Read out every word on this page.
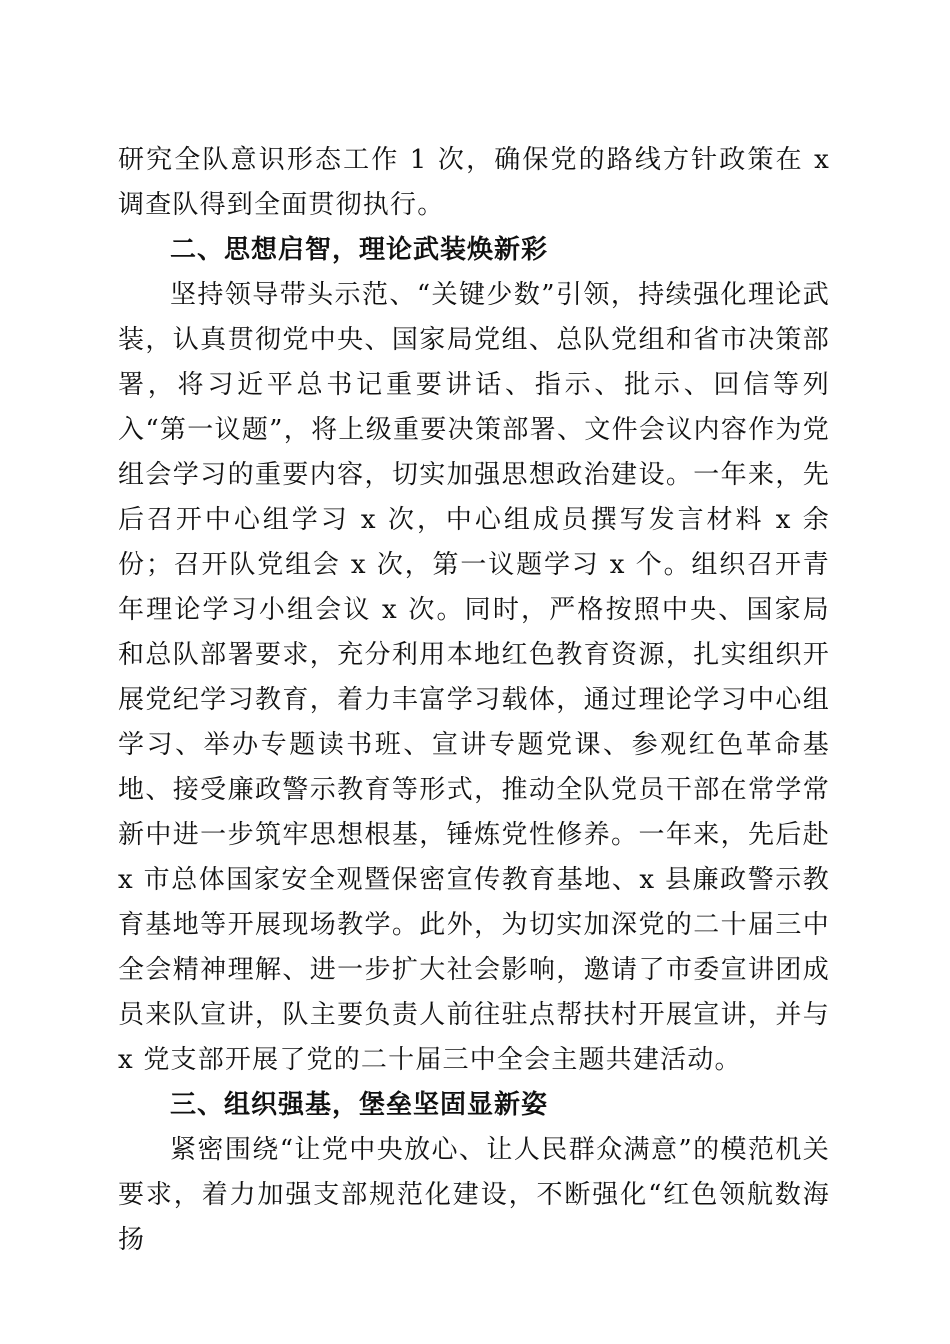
研究全队意识形态工作 1 次，确保党的路线方针政策在 x 调查队得到全面贯彻执行。

二、思想启智，理论武装焕新彩

坚持领导带头示范、“关键少数”引领，持续强化理论武装，认真贯彻党中央、国家局党组、总队党组和省市决策部署，将习近平总书记重要讲话、指示、批示、回信等列入“第一议题”，将上级重要决策部署、文件会议内容作为党组会学习的重要内容，切实加强思想政治建设。一年来，先后召开中心组学习 x 次，中心组成员撰写发言材料 x 余份；召开队党组会 x 次，第一议题学习 x 个。组织召开青年理论学习小组会议 x 次。同时，严格按照中央、国家局和总队部署要求，充分利用本地红色教育资源，扎实组织开展党纪学习教育，着力丰富学习载体，通过理论学习中心组学习、举办专题读书班、宣讲专题党课、参观红色革命基地、接受廉政警示教育等形式，推动全队党员干部在常学常新中进一步筑牢思想根基，锤炼党性修养。一年来，先后赴 x 市总体国家安全观暨保密宣传教育基地、x 县廉政警示教育基地等开展现场教学。此外，为切实加深党的二十届三中全会精神理解、进一步扩大社会影响，邀请了市委宣讲团成员来队宣讲，队主要负责人前往驻点帮扶村开展宣讲，并与 x 党支部开展了党的二十届三中全会主题共建活动。

三、组织强基，堡垒坚固显新姿

紧密围绕“让党中央放心、让人民群众满意”的模范机关要求，着力加强支部规范化建设，不断强化“红色领航数海扬
